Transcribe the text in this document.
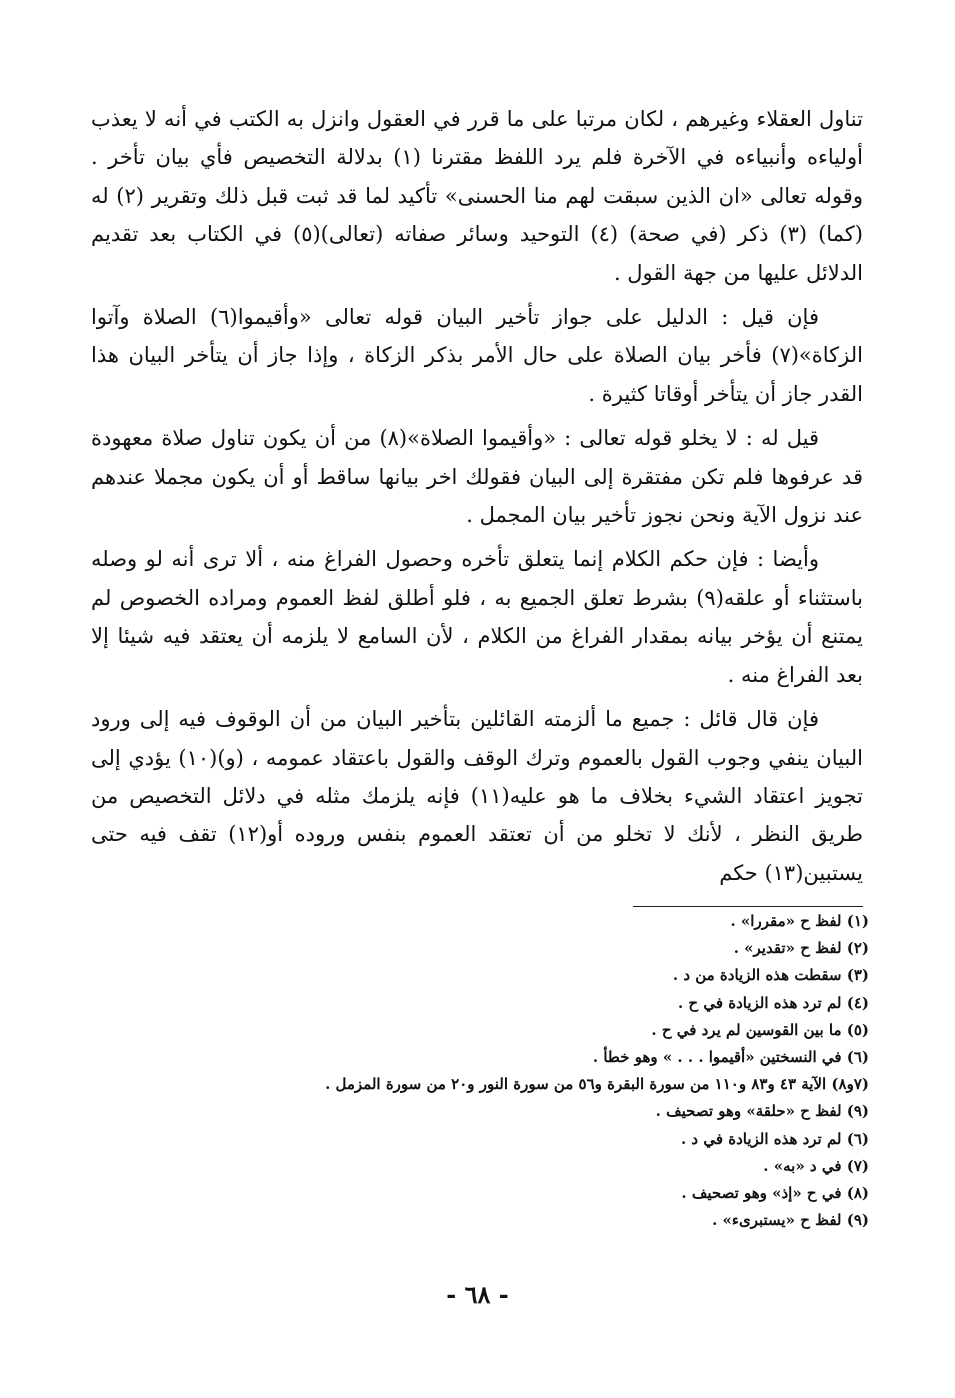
تناول العقلاء وغيرهم ، لكان مرتبا على ما قرر في العقول وانزل به الكتب في أنه لا يعذب أولياءه وأنبياءه في الآخرة فلم يرد اللفظ مقترنا (١) بدلالة التخصيص فأي بيان تأخر . وقوله تعالى «ان الذين سبقت لهم منا الحسنى» تأكيد لما قد ثبت قبل ذلك وتقرير (٢) له (كما) (٣) ذكر (في صحة) (٤) التوحيد وسائر صفاته (تعالى)(٥) في الكتاب بعد تقديم الدلائل عليها من جهة القول .

فإن قيل : الدليل على جواز تأخير البيان قوله تعالى «وأقيموا(٦) الصلاة وآتوا الزكاة»(٧) فأخر بيان الصلاة على حال الأمر بذكر الزكاة ، وإذا جاز أن يتأخر البيان هذا القدر جاز أن يتأخر أوقاتا كثيرة .

قيل له : لا يخلو قوله تعالى : «وأقيموا الصلاة»(٨) من أن يكون تناول صلاة معهودة قد عرفوها فلم تكن مفتقرة إلى البيان فقولك اخر بيانها ساقط أو أن يكون مجملا عندهم عند نزول الآية ونحن نجوز تأخير بيان المجمل .

وأيضا : فإن حكم الكلام إنما يتعلق تأخره وحصول الفراغ منه ، ألا ترى أنه لو وصله باستثناء أو علقه(٩) بشرط تعلق الجميع به ، فلو أطلق لفظ العموم ومراده الخصوص لم يمتنع أن يؤخر بيانه بمقدار الفراغ من الكلام ، لأن السامع لا يلزمه أن يعتقد فيه شيئا إلا بعد الفراغ منه .

فإن قال قائل : جميع ما ألزمته القائلين بتأخير البيان من أن الوقوف فيه إلى ورود البيان ينفي وجوب القول بالعموم وترك الوقف والقول باعتقاد عمومه ، (و)(١٠) يؤدي إلى تجويز اعتقاد الشيء بخلاف ما هو عليه(١١) فإنه يلزمك مثله في دلائل التخصيص من طريق النظر ، لأنك لا تخلو من أن تعتقد العموم بنفس وروده أو(١٢) تقف فيه حتى يستبين(١٣) حكم

(١) لفظ ح «مقررا» .

(٢) لفظ ح «تقدير» .

(٣) سقطت هذه الزيادة من د .

(٤) لم ترد هذه الزيادة في ح .

(٥) ما بين القوسين لم يرد في ح .

(٦) في النسختين «أقيموا . . . » وهو خطأ .

(٧و٨) الآية ٤٣ و٨٣ و١١٠ من سورة البقرة و٥٦ من سورة النور و٢٠ من سورة المزمل .

(٩) لفظ ح «حلقة» وهو تصحيف .

(٦) لم ترد هذه الزيادة في د .

(٧) في د «به» .

(٨) في ح «إذ» وهو تصحيف .

(٩) لفظ ح «يستبرىء» .

- ٦٨ -
